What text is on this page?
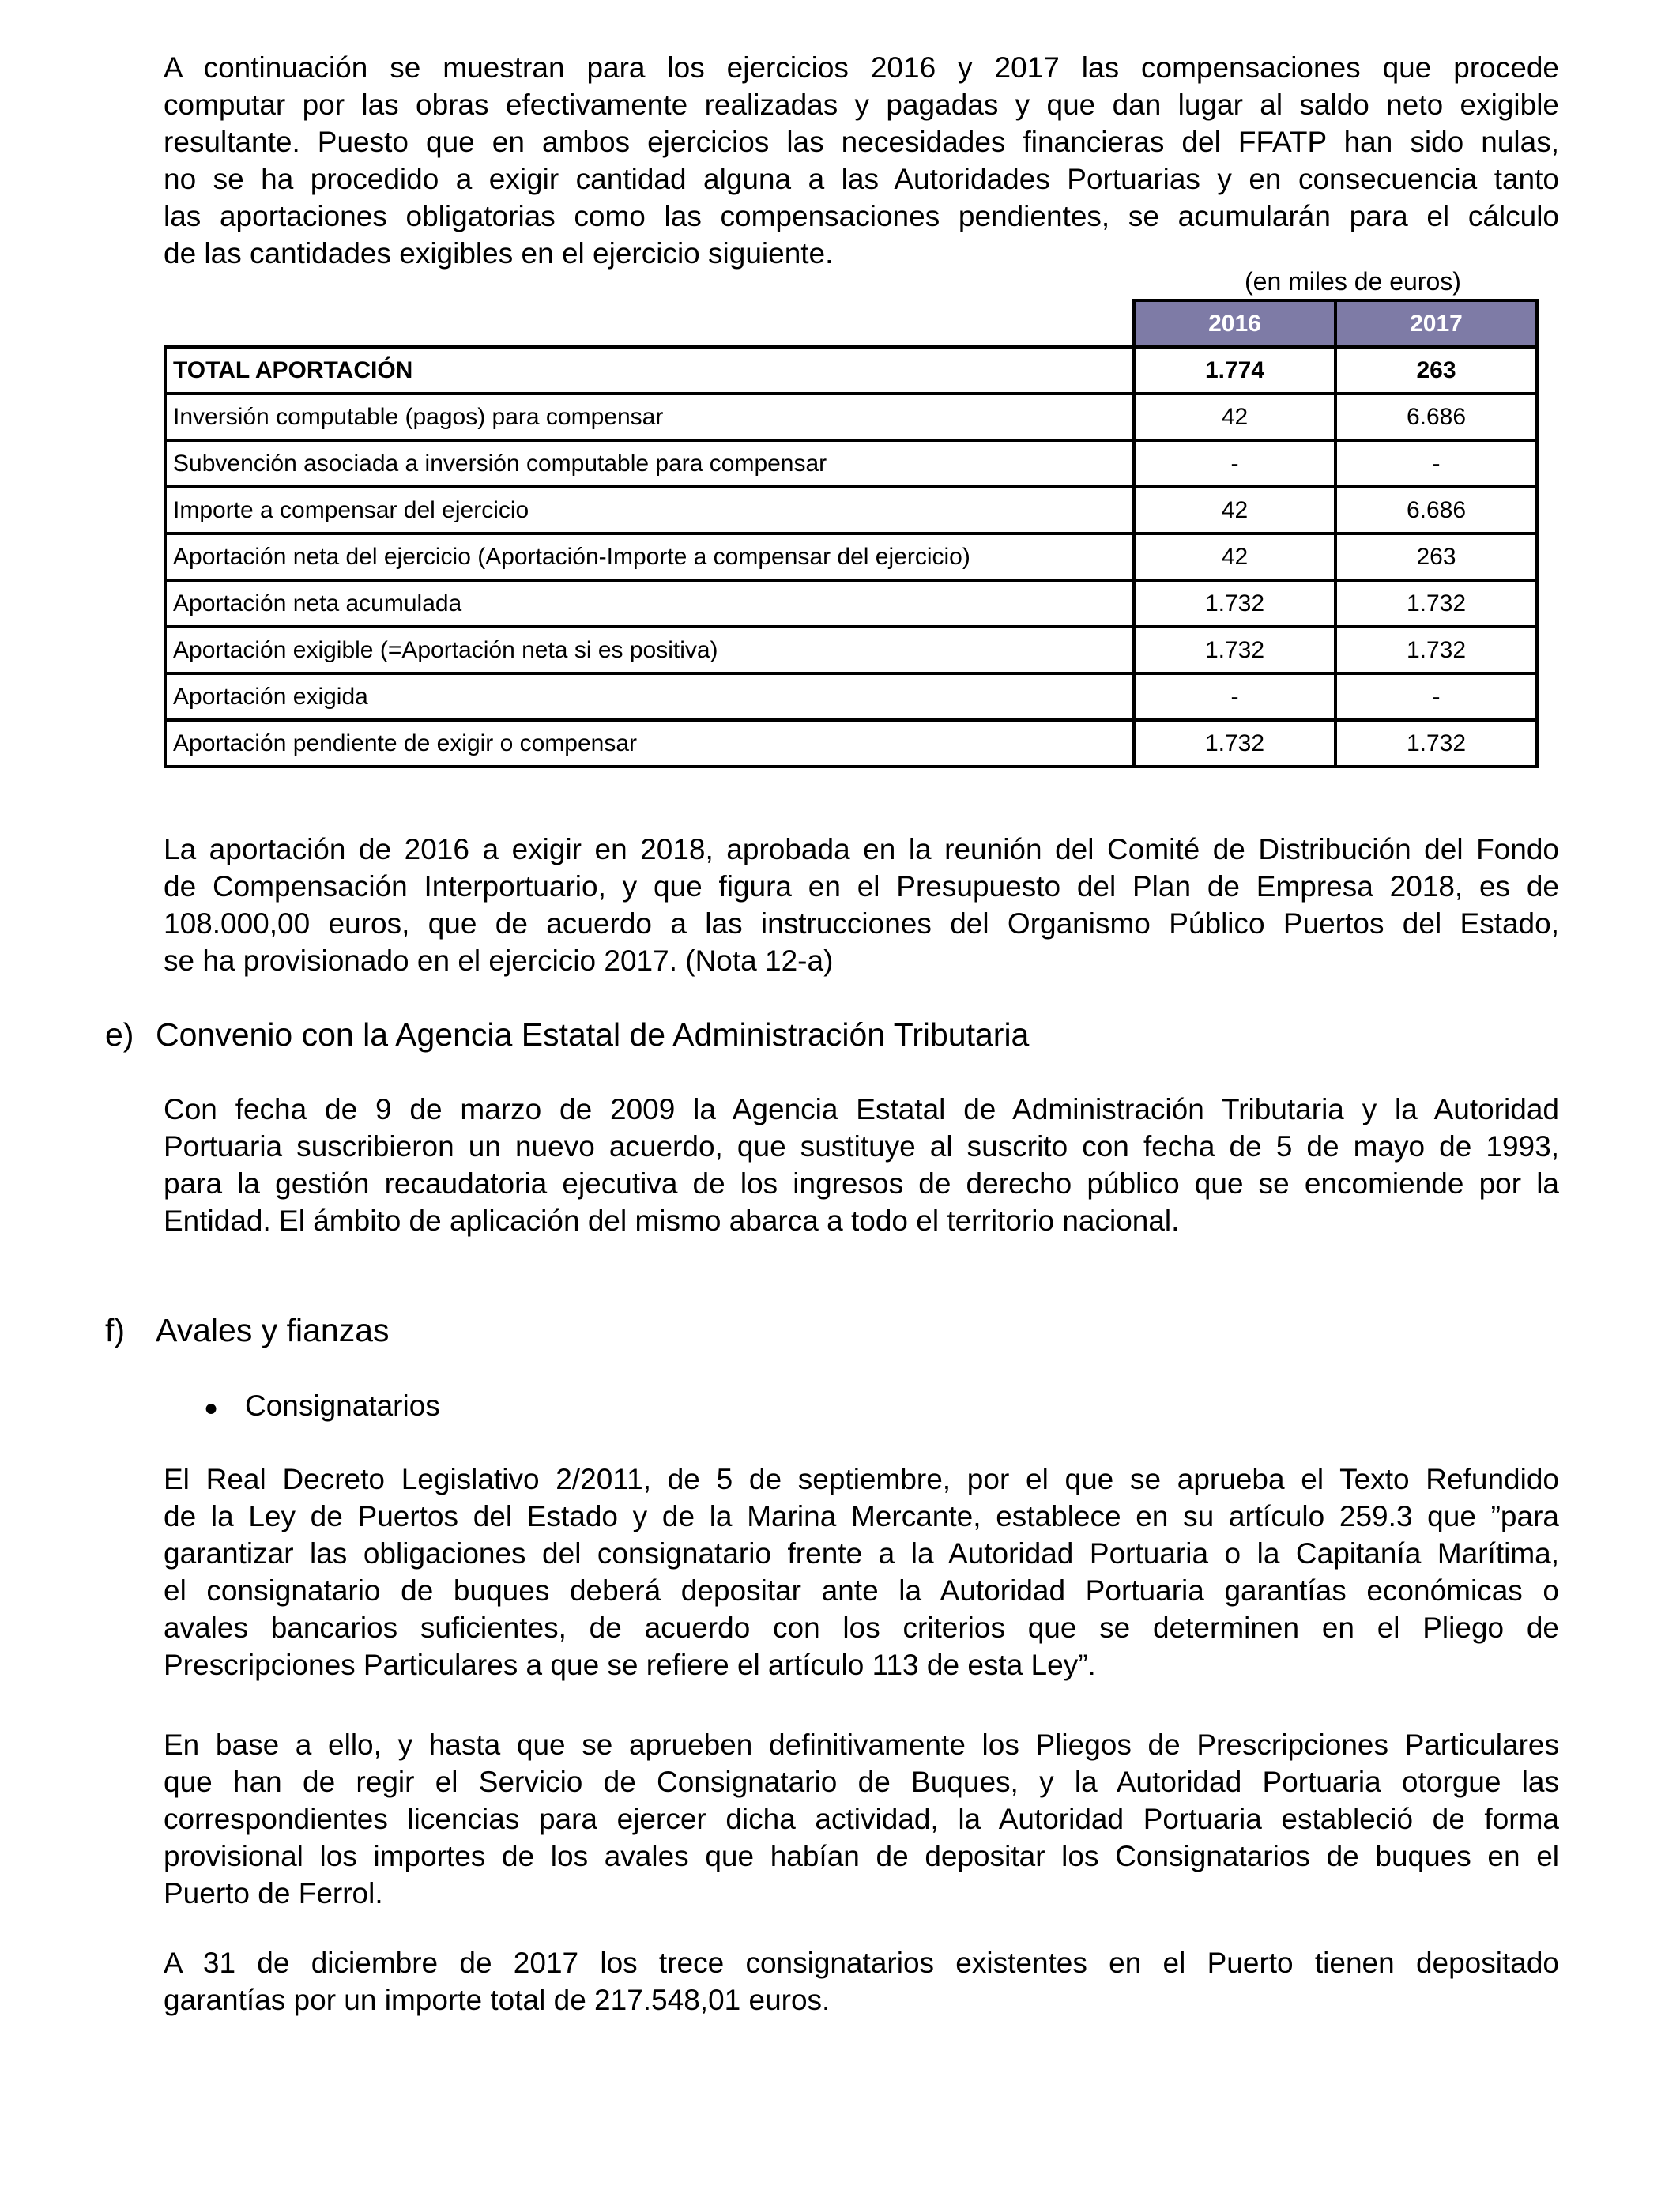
A continuación se muestran para los ejercicios 2016 y 2017 las compensaciones que procede
computar por las obras efectivamente realizadas y pagadas y que dan lugar al saldo neto exigible
resultante. Puesto que en ambos ejercicios las necesidades financieras del FFATP han sido nulas,
no se ha procedido a exigir cantidad alguna a las Autoridades Portuarias y en consecuencia tanto
las aportaciones obligatorias como las compensaciones pendientes, se acumularán para el cálculo
de las cantidades exigibles en el ejercicio siguiente.

(en miles de euros)
	2016	2017
TOTAL APORTACIÓN	1.774	263
Inversión computable (pagos) para compensar	42	6.686
Subvención asociada a inversión computable para compensar	-	-
Importe a compensar del ejercicio	42	6.686
Aportación neta del ejercicio (Aportación-Importe a compensar del ejercicio)	42	263
Aportación neta acumulada	1.732	1.732
Aportación exigible (=Aportación neta si es positiva)	1.732	1.732
Aportación exigida	-	-
Aportación pendiente de exigir o compensar	1.732	1.732

La aportación de 2016 a exigir en 2018, aprobada en la reunión del Comité de Distribución del Fondo
de Compensación Interportuario, y que figura en el Presupuesto del Plan de Empresa 2018, es de
108.000,00 euros, que de acuerdo a las instrucciones del Organismo Público Puertos del Estado,
se ha provisionado en el ejercicio 2017. (Nota 12-a)

e) Convenio con la Agencia Estatal de Administración Tributaria

Con fecha de 9 de marzo de 2009 la Agencia Estatal de Administración Tributaria y la Autoridad
Portuaria suscribieron un nuevo acuerdo, que sustituye al suscrito con fecha de 5 de mayo de 1993,
para la gestión recaudatoria ejecutiva de los ingresos de derecho público que se encomiende por la
Entidad. El ámbito de aplicación del mismo abarca a todo el territorio nacional.

f) Avales y fianzas
● Consignatarios

El Real Decreto Legislativo 2/2011, de 5 de septiembre, por el que se aprueba el Texto Refundido
de la Ley de Puertos del Estado y de la Marina Mercante, establece en su artículo 259.3 que ”para
garantizar las obligaciones del consignatario frente a la Autoridad Portuaria o la Capitanía Marítima,
el consignatario de buques deberá depositar ante la Autoridad Portuaria garantías económicas o
avales bancarios suficientes, de acuerdo con los criterios que se determinen en el Pliego de
Prescripciones Particulares a que se refiere el artículo 113 de esta Ley”.

En base a ello, y hasta que se aprueben definitivamente los Pliegos de Prescripciones Particulares
que han de regir el Servicio de Consignatario de Buques, y la Autoridad Portuaria otorgue las
correspondientes licencias para ejercer dicha actividad, la Autoridad Portuaria estableció de forma
provisional los importes de los avales que habían de depositar los Consignatarios de buques en el
Puerto de Ferrol.

A 31 de diciembre de 2017 los trece consignatarios existentes en el Puerto tienen depositado
garantías por un importe total de 217.548,01 euros.
